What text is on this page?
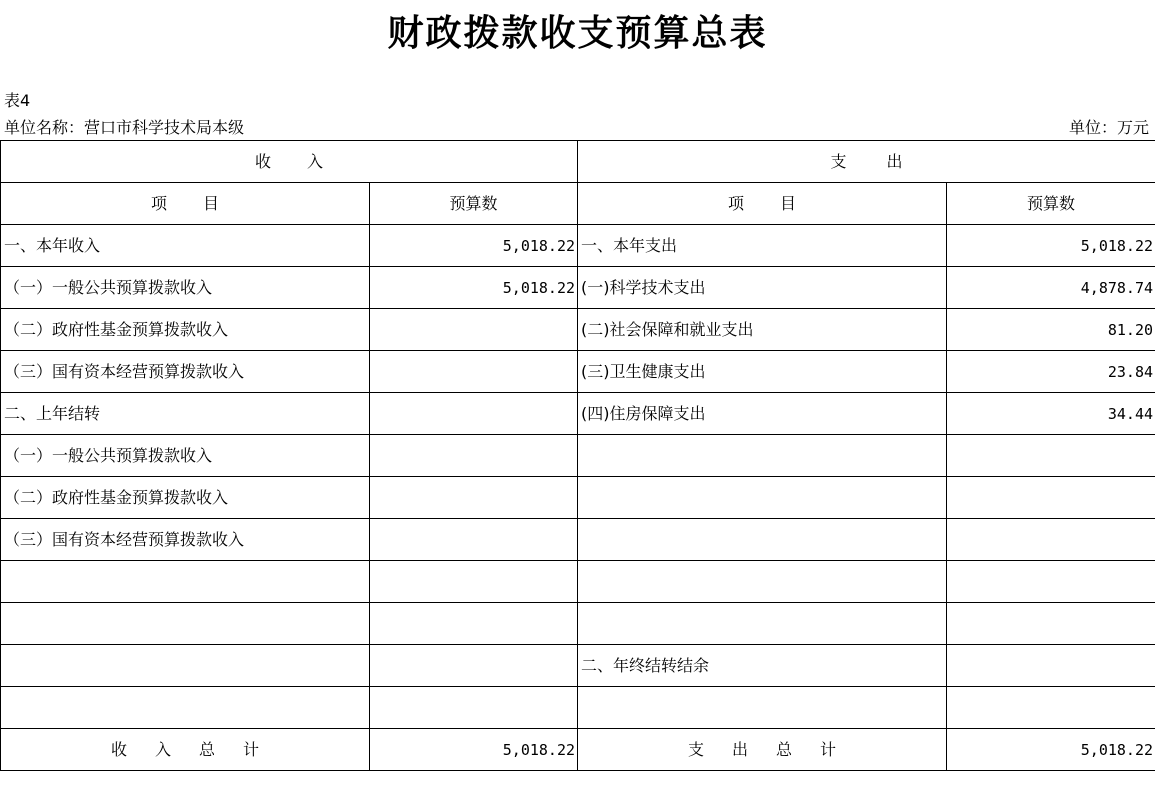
财政拨款收支预算总表
表4
单位名称：营口市科学技术局本级	单位：万元
收入		支出	
项目	预算数	项目	预算数
一、本年收入	5,018.22	一、本年支出	5,018.22
（一）一般公共预算拨款收入	5,018.22	(一)科学技术支出	4,878.74
（二）政府性基金预算拨款收入		(二)社会保障和就业支出	81.20
（三）国有资本经营预算拨款收入		(三)卫生健康支出	23.84
二、上年结转		(四)住房保障支出	34.44
（一）一般公共预算拨款收入			
（二）政府性基金预算拨款收入			
（三）国有资本经营预算拨款收入			

		二、年终结转结余	

收入总计	5,018.22	支出总计	5,018.22
